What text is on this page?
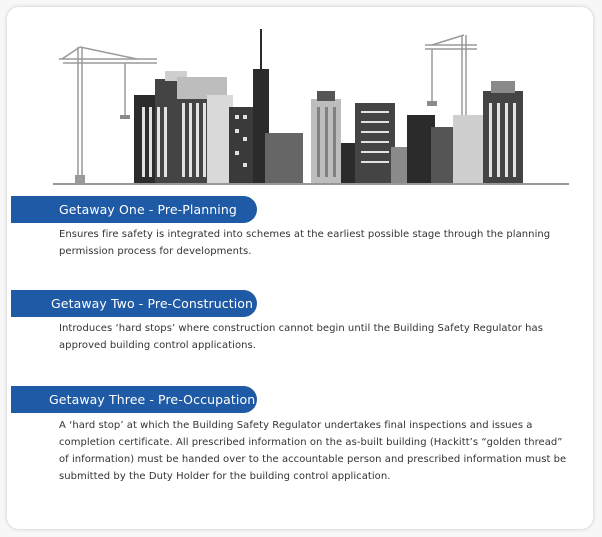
Getaway One - Pre-Planning

Ensures fire safety is integrated into schemes at the earliest possible stage through the planning permission process for developments.

Getaway Two - Pre-Construction

Introduces ‘hard stops’ where construction cannot begin until the Building Safety Regulator has approved building control applications.

Getaway Three - Pre-Occupation

A ‘hard stop’ at which the Building Safety Regulator undertakes final inspections and issues a completion certificate. All prescribed information on the as-built building (Hackitt’s “golden thread” of information) must be handed over to the accountable person and prescribed information must be submitted by the Duty Holder for the building control application.
